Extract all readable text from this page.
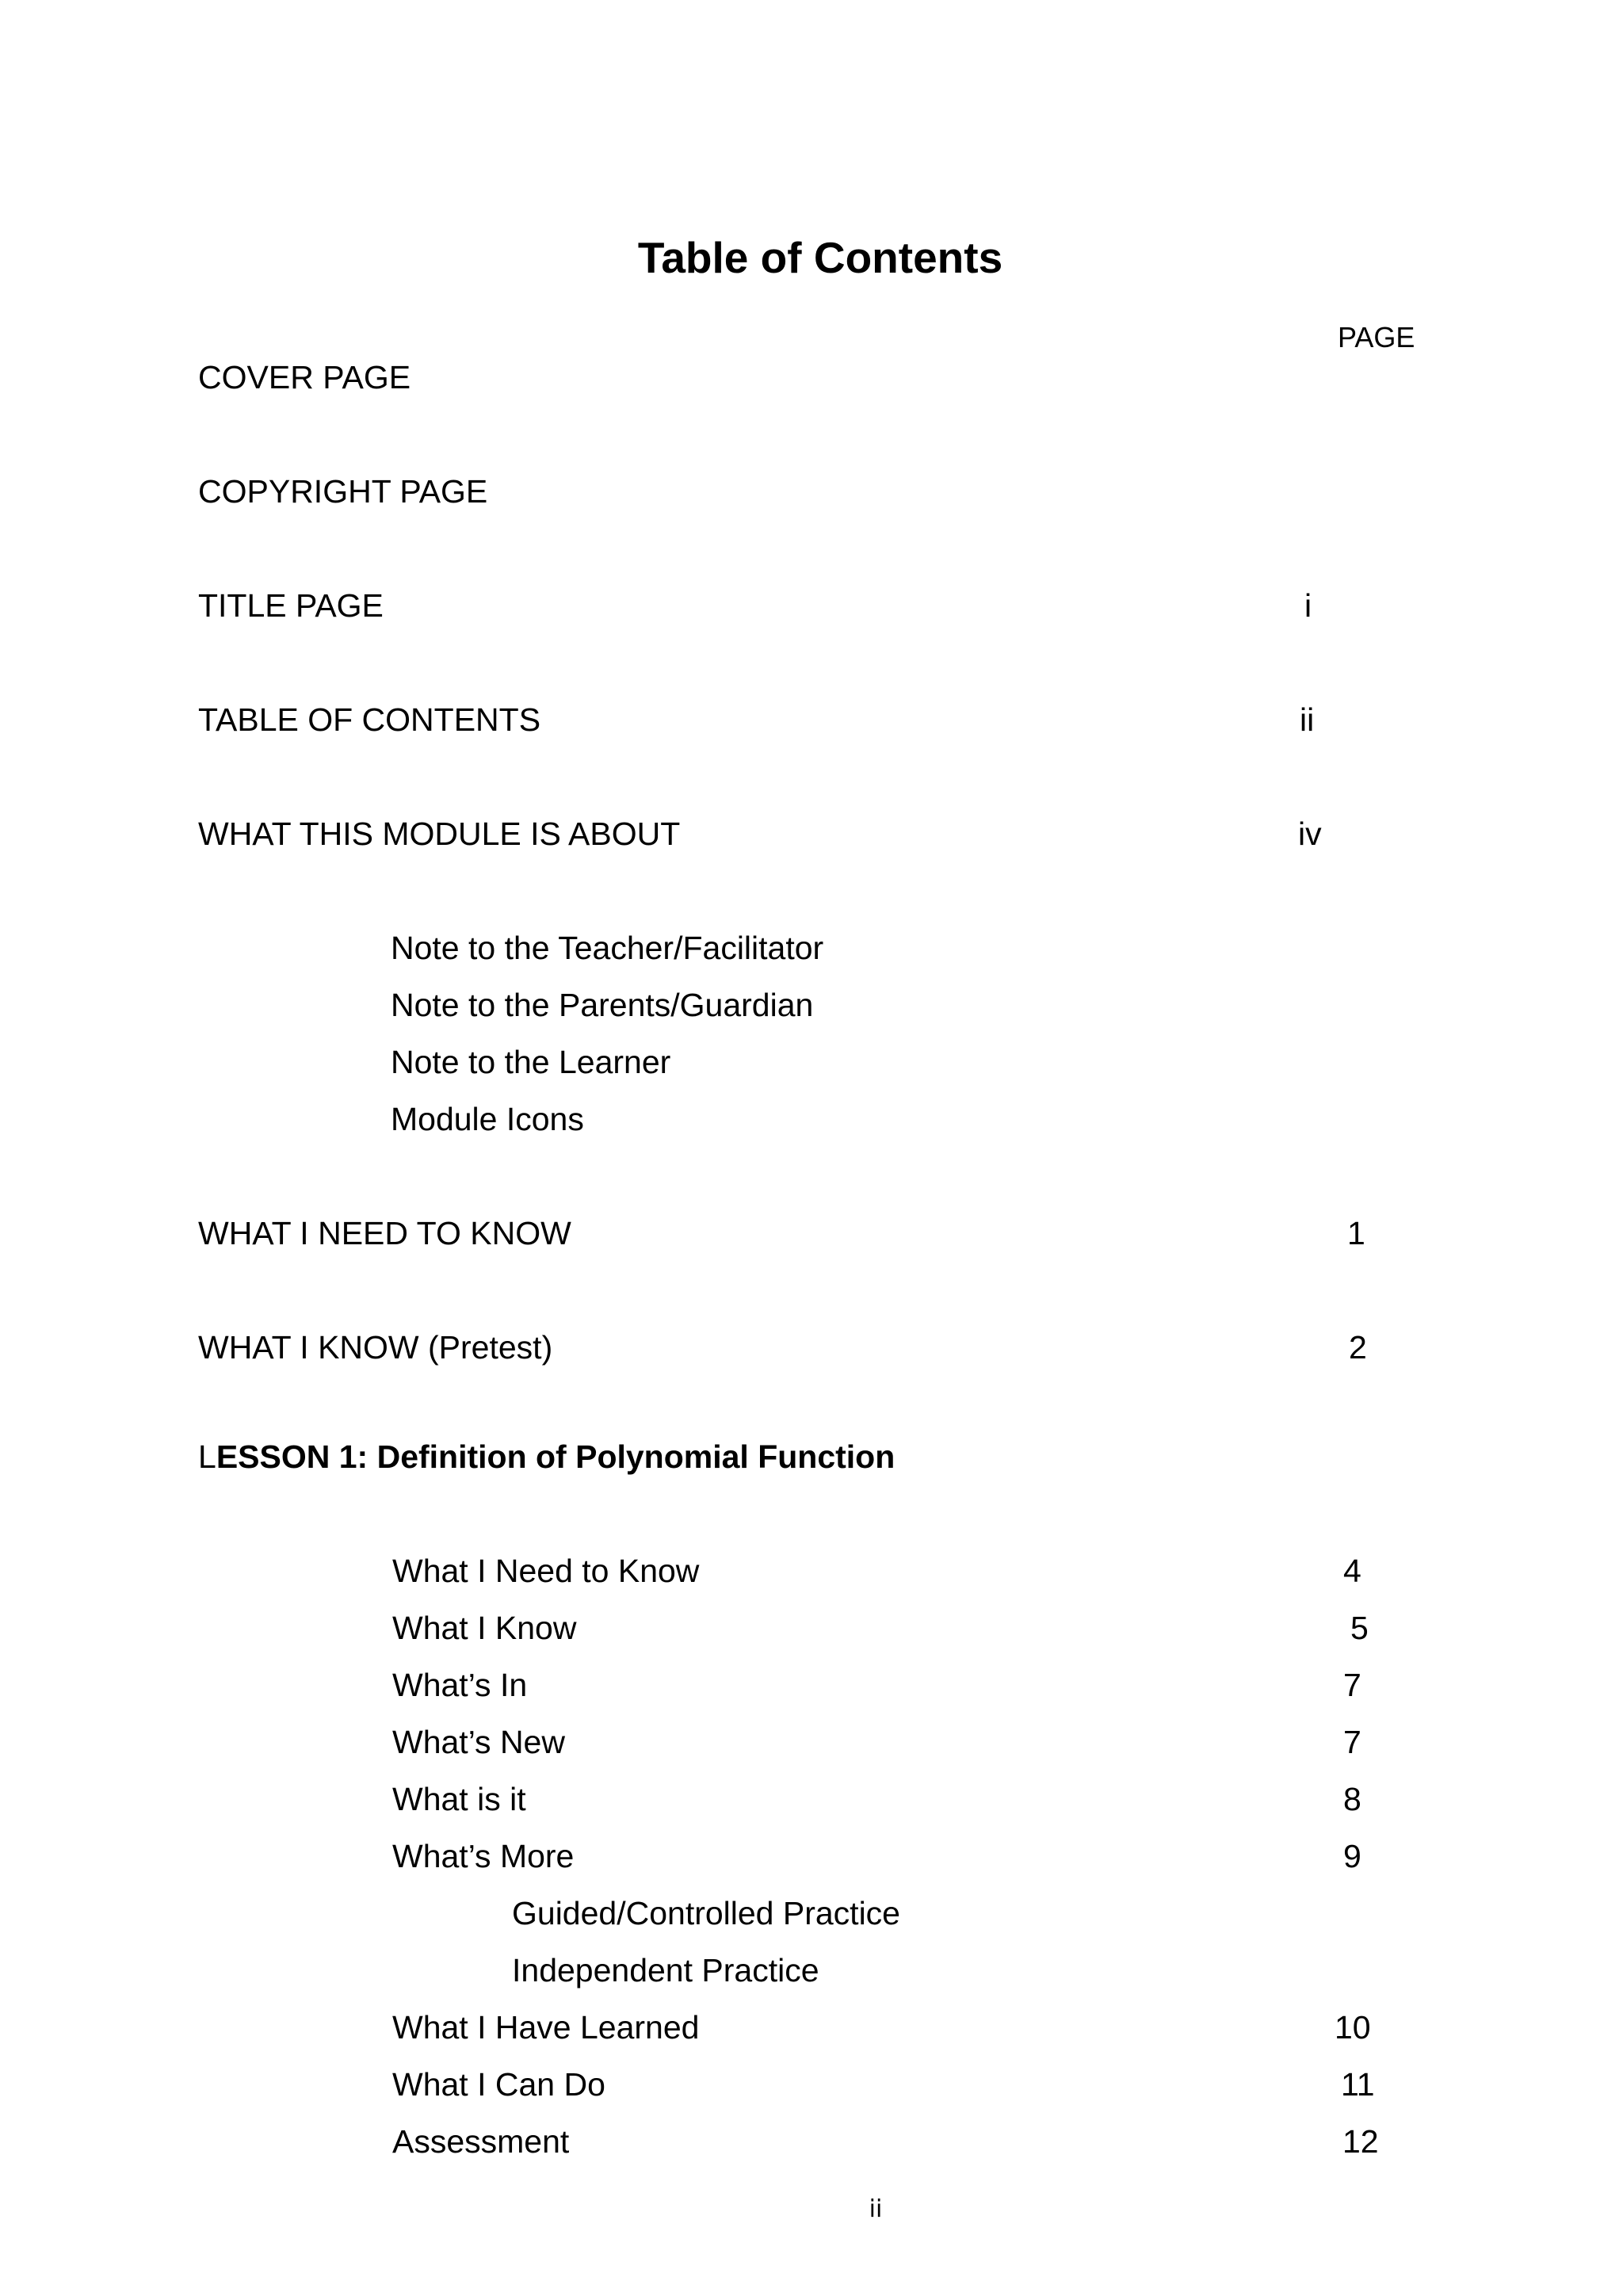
Table of Contents
PAGE
COVER PAGE
COPYRIGHT PAGE
TITLE PAGE	i
TABLE OF CONTENTS	ii
WHAT THIS MODULE IS ABOUT	iv
Note to the Teacher/Facilitator
Note to the Parents/Guardian
Note to the Learner
Module Icons
WHAT I NEED TO KNOW	1
WHAT I KNOW (Pretest)	2
LESSON 1: Definition of Polynomial Function
What I Need to Know	4
What I Know	5
What’s In	7
What’s New	7
What is it	8
What’s More	9
Guided/Controlled Practice
Independent Practice
What I Have Learned	10
What I Can Do	11
Assessment	12
ii
